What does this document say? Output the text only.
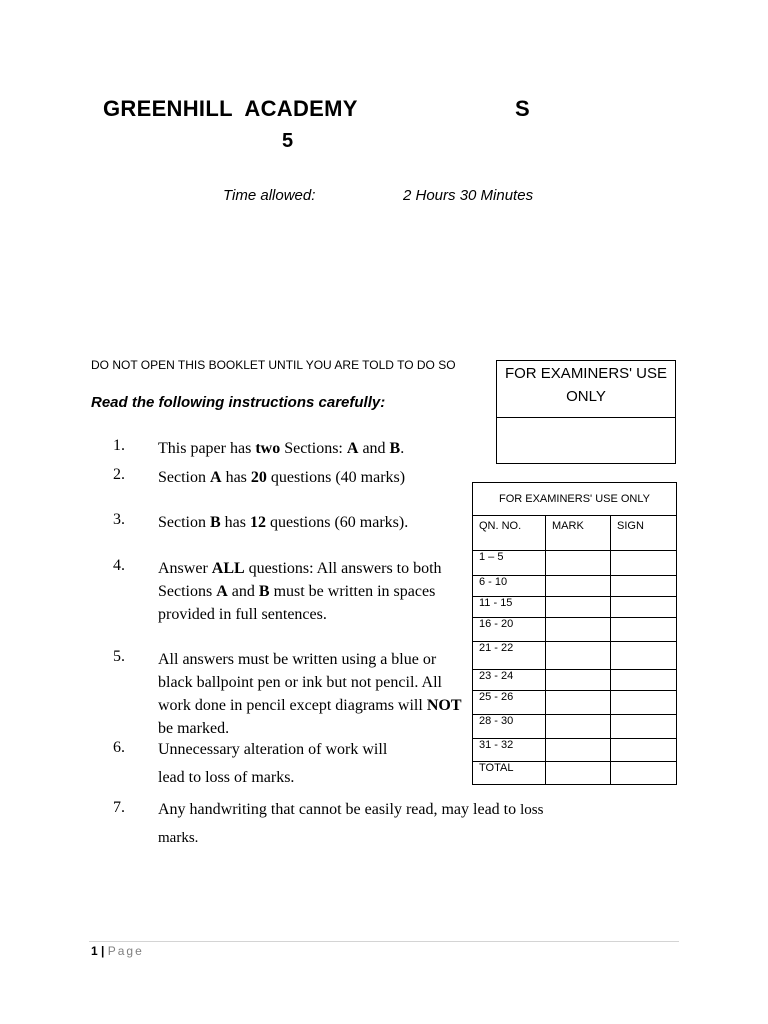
GREENHILL  ACADEMY	S
5
Time allowed:	2 Hours 30 Minutes
DO NOT OPEN THIS BOOKLET UNTIL YOU ARE TOLD TO DO SO
Read the following instructions carefully:
FOR EXAMINERS' USE ONLY
FOR EXAMINERS' USE ONLY		
QN. NO.	MARK	SIGN
1 – 5		
6 - 10		
11 - 15		
16 - 20		
21 - 22		
23 - 24		
25 - 26		
28 - 30		
31 - 32		
TOTAL		
1. This paper has two Sections: A and B.
2. Section A has 20 questions (40 marks)
3. Section B has 12 questions (60 marks).
4. Answer ALL questions: All answers to both Sections A and B must be written in spaces provided in full sentences.
5. All answers must be written using a blue or black ballpoint pen or ink but not pencil. All work done in pencil except diagrams will NOT be marked.
6. Unnecessary alteration of work will
lead to loss of marks.
7. Any handwriting that cannot be easily read, may lead to loss
marks.
1 | Page
